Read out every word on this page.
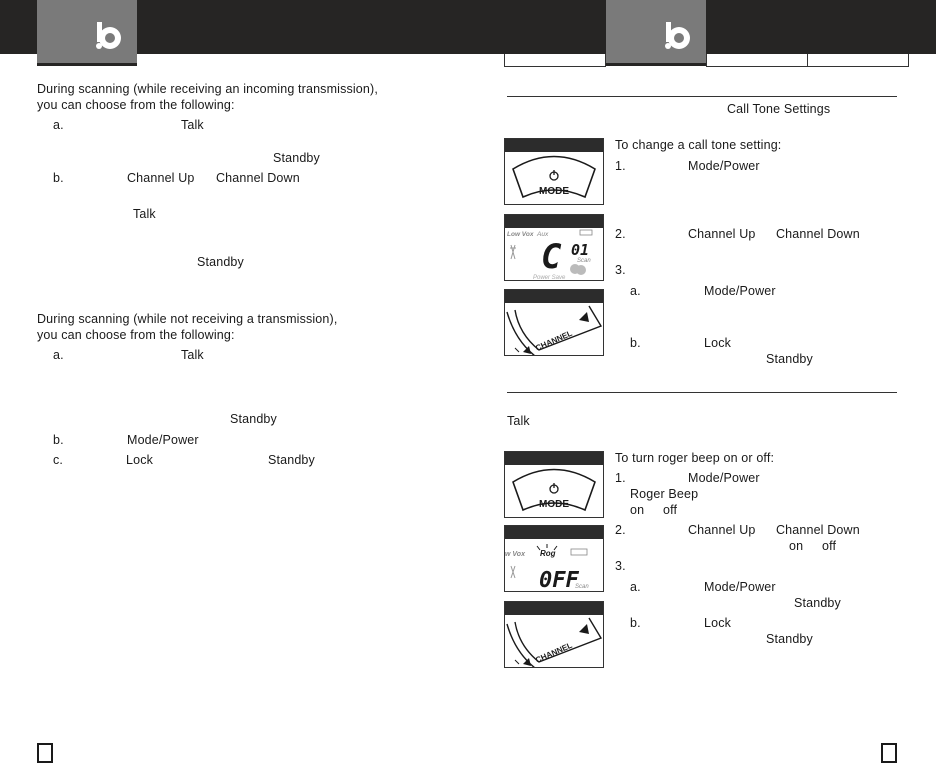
During scanning (while receiving an incoming transmission),
you can choose from the following:
a.	Talk
Standby
b.	Channel Up Channel Down
Talk
Standby
During scanning (while not receiving a transmission),
you can choose from the following:
a.	Talk
Standby
b.	Mode/Power
c.	Lock	Standby
Call Tone Settings
To change a call tone setting:
1.	Mode/Power
2.	Channel Up Channel Down
3.
a.	Mode/Power
b.	Lock
Standby
Talk
To turn roger beep on or off:
1.	Mode/Power
Roger Beep
on off
2.	Channel Up Channel Down
on off
3.
a.	Mode/Power
Standby
b.	Lock
Standby
MODE
Low Vox Aux
C 01
Scan
Power Save
CHANNEL
MODE
w Vox Rog
0FF
Scan
CHANNEL
